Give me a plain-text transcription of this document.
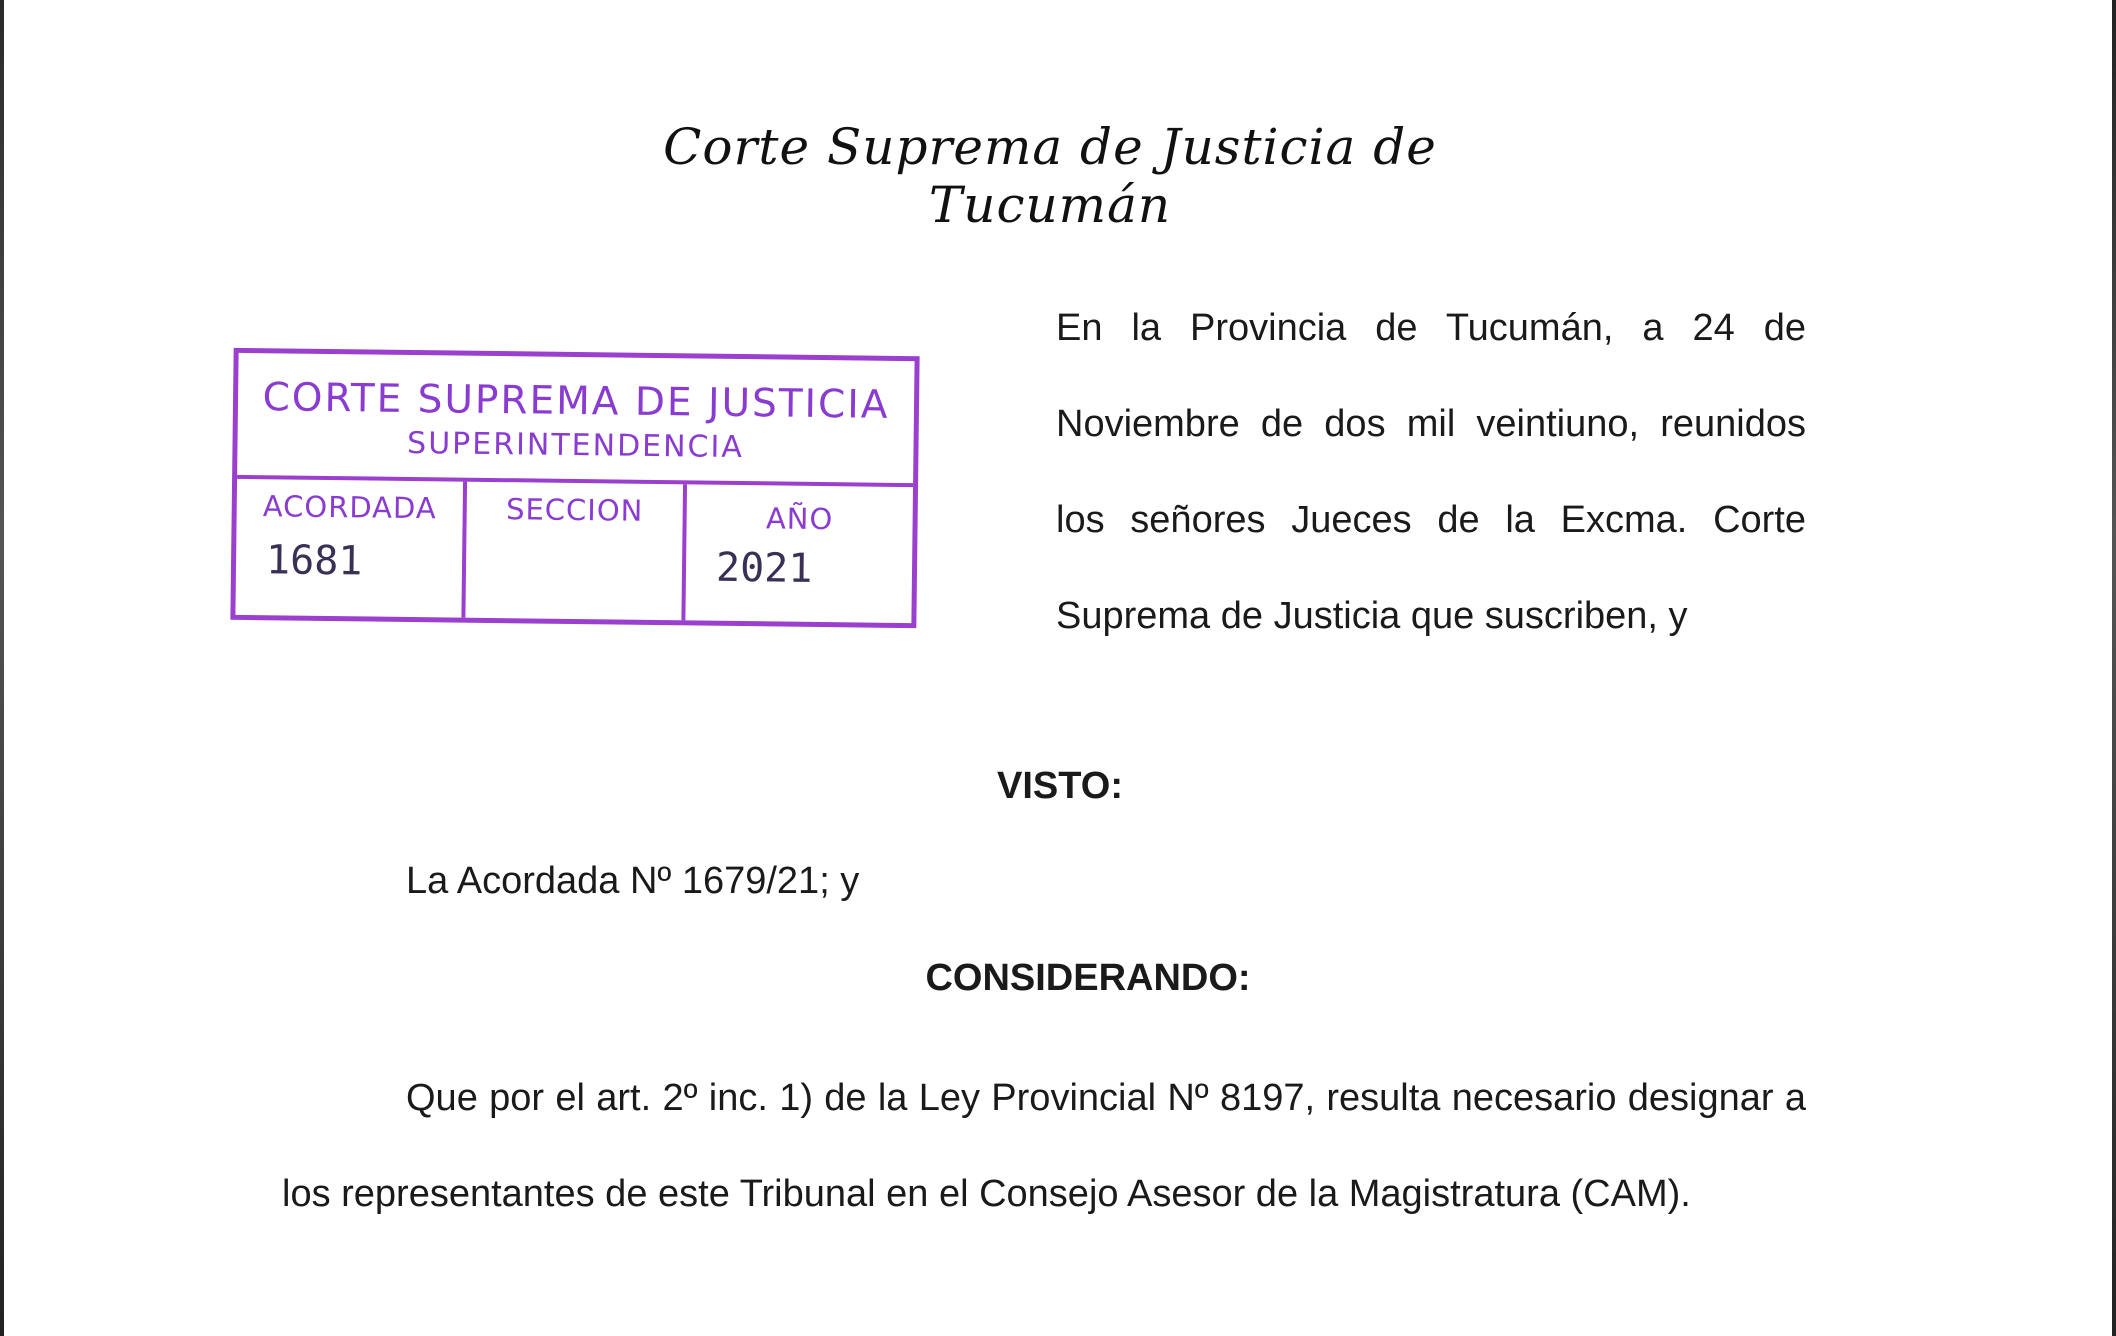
Corte Suprema de Justicia de Tucumán
CORTE SUPREMA DE JUSTICIA
SUPERINTENDENCIA
ACORDADA
1681
SECCION	AÑO
2021
En la Provincia de Tucumán, a 24 de Noviembre de dos mil veintiuno, reunidos los señores Jueces de la Excma. Corte Suprema de Justicia que suscriben, y
VISTO:
La Acordada Nº 1679/21; y
CONSIDERANDO:
Que por el art. 2º inc. 1) de la Ley Provincial Nº 8197, resulta necesario designar a los representantes de este Tribunal en el Consejo Asesor de la Magistratura (CAM).
